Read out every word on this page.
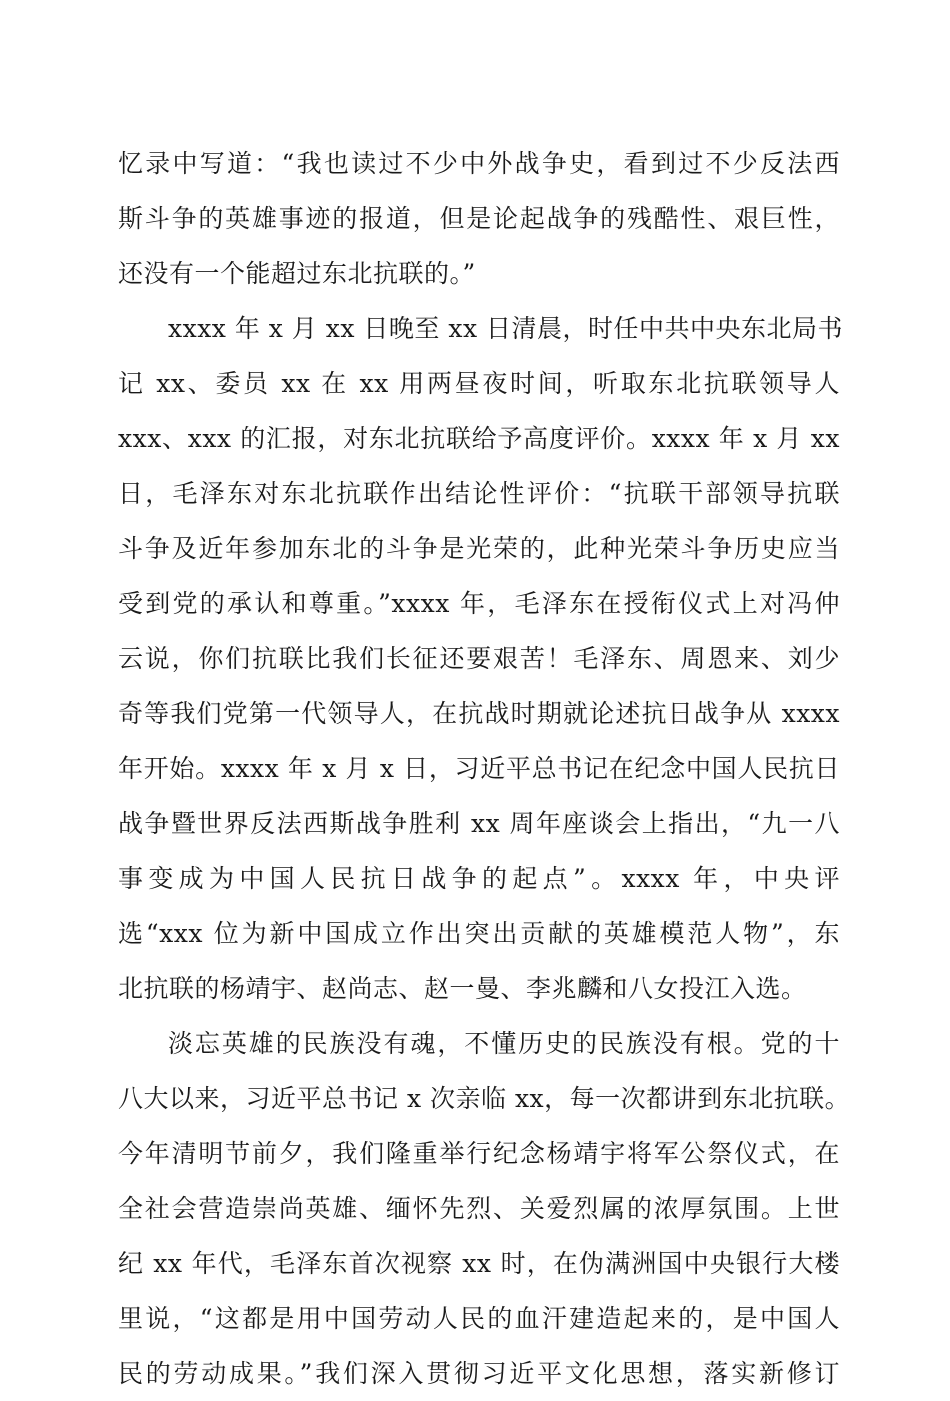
忆录中写道：“我也读过不少中外战争史，看到过不少反法西
斯斗争的英雄事迹的报道，但是论起战争的残酷性、艰巨性，
还没有一个能超过东北抗联的。”
xxxx 年 x 月 xx 日晚至 xx 日清晨，时任中共中央东北局书
记 xx、委员 xx 在 xx 用两昼夜时间，听取东北抗联领导人
xxx、xxx 的汇报，对东北抗联给予高度评价。xxxx 年 x 月 xx
日，毛泽东对东北抗联作出结论性评价：“抗联干部领导抗联
斗争及近年参加东北的斗争是光荣的，此种光荣斗争历史应当
受到党的承认和尊重。”xxxx 年，毛泽东在授衔仪式上对冯仲
云说，你们抗联比我们长征还要艰苦！毛泽东、周恩来、刘少
奇等我们党第一代领导人，在抗战时期就论述抗日战争从 xxxx
年开始。xxxx 年 x 月 x 日，习近平总书记在纪念中国人民抗日
战争暨世界反法西斯战争胜利 xx 周年座谈会上指出，“九一八
事变成为中国人民抗日战争的起点”。xxxx 年，中央评
选“xxx 位为新中国成立作出突出贡献的英雄模范人物”，东
北抗联的杨靖宇、赵尚志、赵一曼、李兆麟和八女投江入选。
淡忘英雄的民族没有魂，不懂历史的民族没有根。党的十
八大以来，习近平总书记 x 次亲临 xx，每一次都讲到东北抗联。
今年清明节前夕，我们隆重举行纪念杨靖宇将军公祭仪式，在
全社会营造崇尚英雄、缅怀先烈、关爱烈属的浓厚氛围。上世
纪 xx 年代，毛泽东首次视察 xx 时，在伪满洲国中央银行大楼
里说，“这都是用中国劳动人民的血汗建造起来的，是中国人
民的劳动成果。”我们深入贯彻习近平文化思想，落实新修订
